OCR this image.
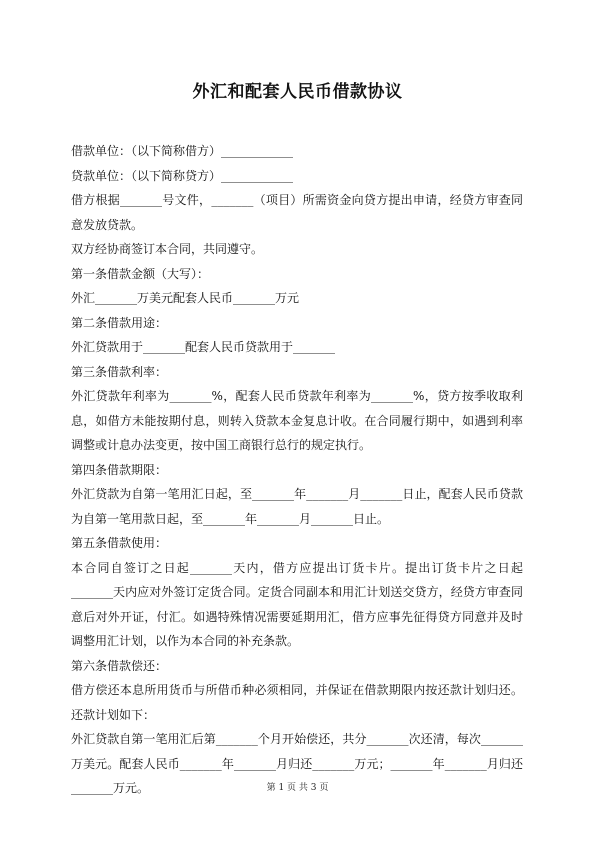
外汇和配套人民币借款协议

借款单位：（以下简称借方）____________

贷款单位：（以下简称贷方）____________

借方根据_______号文件，_______（项目）所需资金向贷方提出申请，经贷方审查同意发放贷款。

双方经协商签订本合同，共同遵守。

第一条借款金额（大写）：

外汇_______万美元配套人民币_______万元

第二条借款用途：

外汇贷款用于_______配套人民币贷款用于_______

第三条借款利率：

外汇贷款年利率为_______%，配套人民币贷款年利率为_______%，贷方按季收取利息，如借方未能按期付息，则转入贷款本金复息计收。在合同履行期中，如遇到利率调整或计息办法变更，按中国工商银行总行的规定执行。

第四条借款期限：

外汇贷款为自第一笔用汇日起，至_______年_______月_______日止，配套人民币贷款为自第一笔用款日起，至_______年_______月_______日止。

第五条借款使用：

本合同自签订之日起_______天内，借方应提出订货卡片。提出订货卡片之日起_______天内应对外签订定货合同。定货合同副本和用汇计划送交贷方，经贷方审查同意后对外开证，付汇。如遇特殊情况需要延期用汇，借方应事先征得贷方同意并及时调整用汇计划，以作为本合同的补充条款。

第六条借款偿还：

借方偿还本息所用货币与所借币种必须相同，并保证在借款期限内按还款计划归还。还款计划如下：

外汇贷款自第一笔用汇后第_______个月开始偿还，共分_______次还清，每次_______万美元。配套人民币_______年_______月归还_______万元；_______年_______月归还_______万元。	第 1 页 共 3 页
